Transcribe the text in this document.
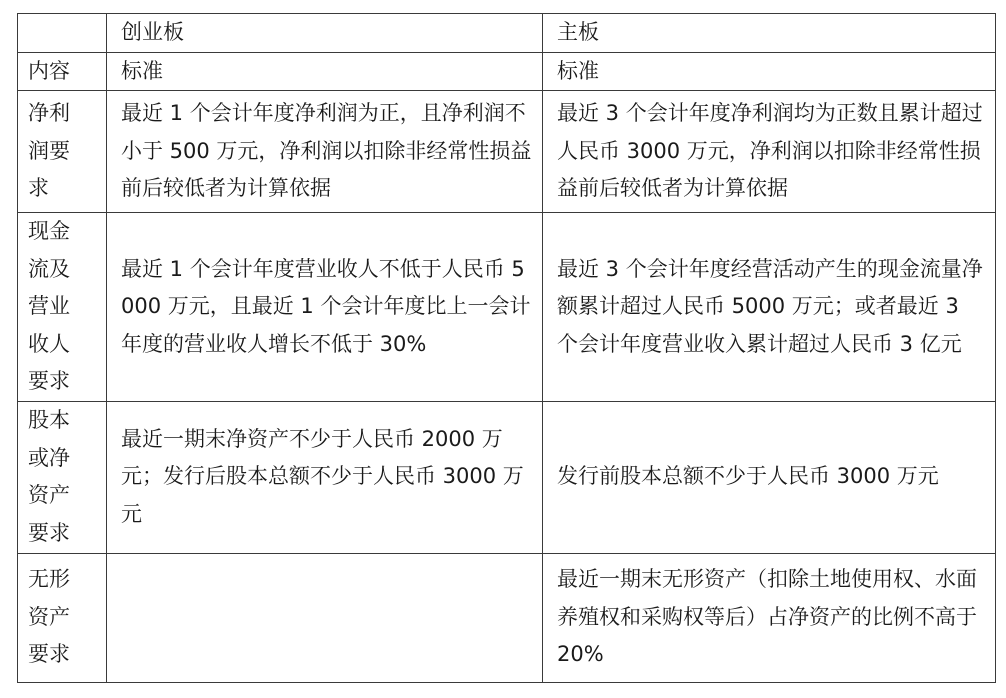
	创业板	主板
内容	标准	标准

净利润要求	最近 1 个会计年度净利润为正，且净利润不小于 500 万元，净利润以扣除非经常性损益前后较低者为计算依据	最近 3 个会计年度净利润均为正数且累计超过人民币 3000 万元，净利润以扣除非经常性损益前后较低者为计算依据

现金流及营业收人要求	最近 1 个会计年度营业收人不低于人民币 5000 万元，且最近 1 个会计年度比上一会计年度的营业收人增长不低于 30%	最近 3 个会计年度经营活动产生的现金流量净额累计超过人民币 5000 万元；或者最近 3 个会计年度营业收入累计超过人民币 3 亿元

股本或净资产要求	最近一期末净资产不少于人民币 2000 万元；发行后股本总额不少于人民币 3000 万元	发行前股本总额不少于人民币 3000 万元

无形资产要求		最近一期末无形资产（扣除土地使用权、水面养殖权和采购权等后）占净资产的比例不高于 20%
